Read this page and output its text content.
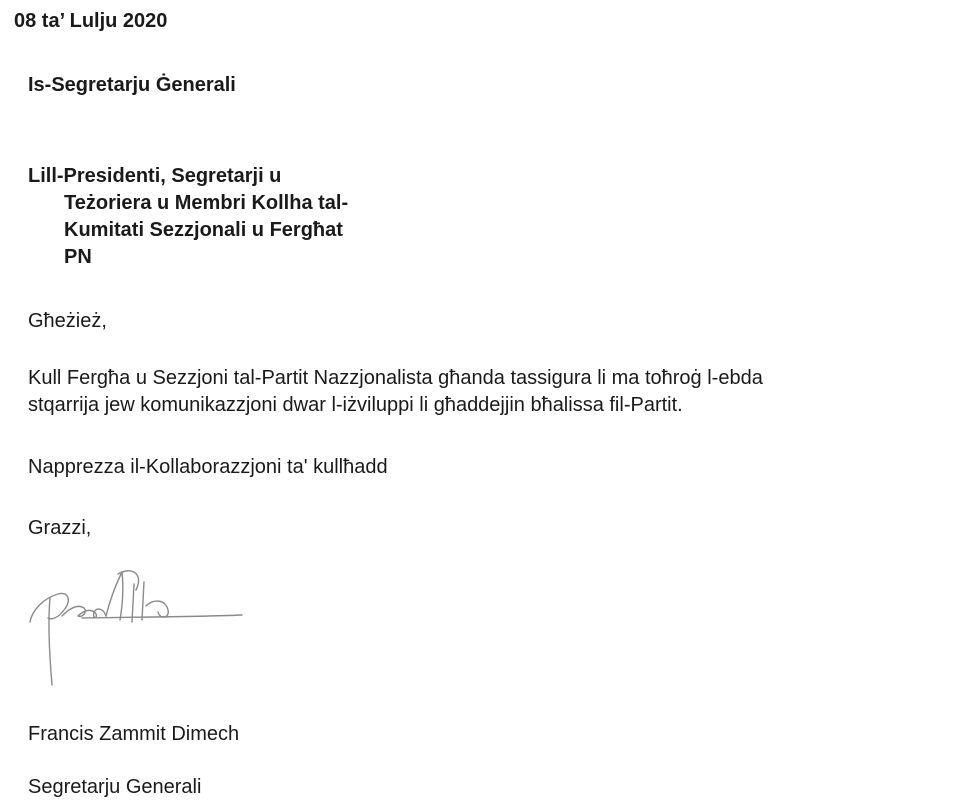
08 ta’ Lulju 2020
Is-Segretarju Ġenerali
Lill-Presidenti, Segretarji u
Teżoriera u Membri Kollha tal-
Kumitati Sezzjonali u Fergħat
PN
Għeżież,
Kull Fergħa u Sezzjoni tal-Partit Nazzjonalista għanda tassigura li ma toħroġ l-ebda
stqarrija jew komunikazzjoni dwar l-iżviluppi li għaddejjin bħalissa fil-Partit.
Napprezza il-Kollaborazzjoni ta' kullħadd
Grazzi,
Francis Zammit Dimech
Segretarju Generali
